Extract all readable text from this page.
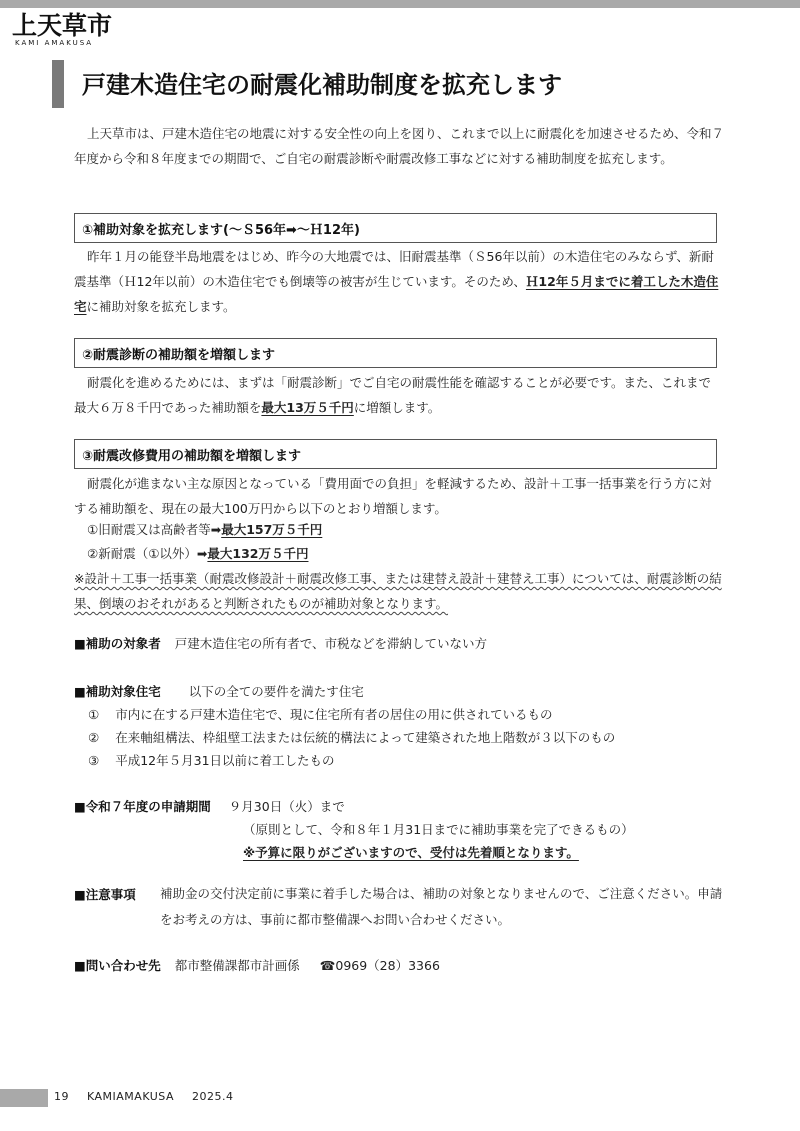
上天草市
KAMI AMAKUSA
戸建木造住宅の耐震化補助制度を拡充します
上天草市は、戸建木造住宅の地震に対する安全性の向上を図り、これまで以上に耐震化を加速させるため、令和７年度から令和８年度までの期間で、ご自宅の耐震診断や耐震改修工事などに対する補助制度を拡充します。
①補助対象を拡充します(～Ｓ56年➡～Ｈ12年)
昨年１月の能登半島地震をはじめ、昨今の大地震では、旧耐震基準（Ｓ56年以前）の木造住宅のみならず、新耐震基準（Ｈ12年以前）の木造住宅でも倒壊等の被害が生じています。そのため、Ｈ12年５月までに着工した木造住宅に補助対象を拡充します。
②耐震診断の補助額を増額します
耐震化を進めるためには、まずは「耐震診断」でご自宅の耐震性能を確認することが必要です。また、これまで最大６万８千円であった補助額を最大13万５千円に増額します。
③耐震改修費用の補助額を増額します
耐震化が進まない主な原因となっている「費用面での負担」を軽減するため、設計＋工事一括事業を行う方に対する補助額を、現在の最大100万円から以下のとおり増額します。
①旧耐震又は高齢者等➡最大157万５千円
②新耐震（①以外）➡最大132万５千円
※設計＋工事一括事業（耐震改修設計＋耐震改修工事、または建替え設計＋建替え工事）については、耐震診断の結果、倒壊のおそれがあると判断されたものが補助対象となります。
■補助の対象者 戸建木造住宅の所有者で、市税などを滞納していない方
■補助対象住宅 以下の全ての要件を満たす住宅
① 市内に在する戸建木造住宅で、現に住宅所有者の居住の用に供されているもの
② 在来軸組構法、枠組壁工法または伝統的構法によって建築された地上階数が３以下のもの
③ 平成12年５月31日以前に着工したもの
■令和７年度の申請期間 ９月30日（火）まで
（原則として、令和８年１月31日までに補助事業を完了できるもの）
※予算に限りがございますので、受付は先着順となります。
■注意事項 補助金の交付決定前に事業に着手した場合は、補助の対象となりませんので、ご注意ください。申請をお考えの方は、事前に都市整備課へお問い合わせください。
■問い合わせ先 都市整備課都市計画係 ☎0969（28）3366
19 KAMIAMAKUSA 2025.4
